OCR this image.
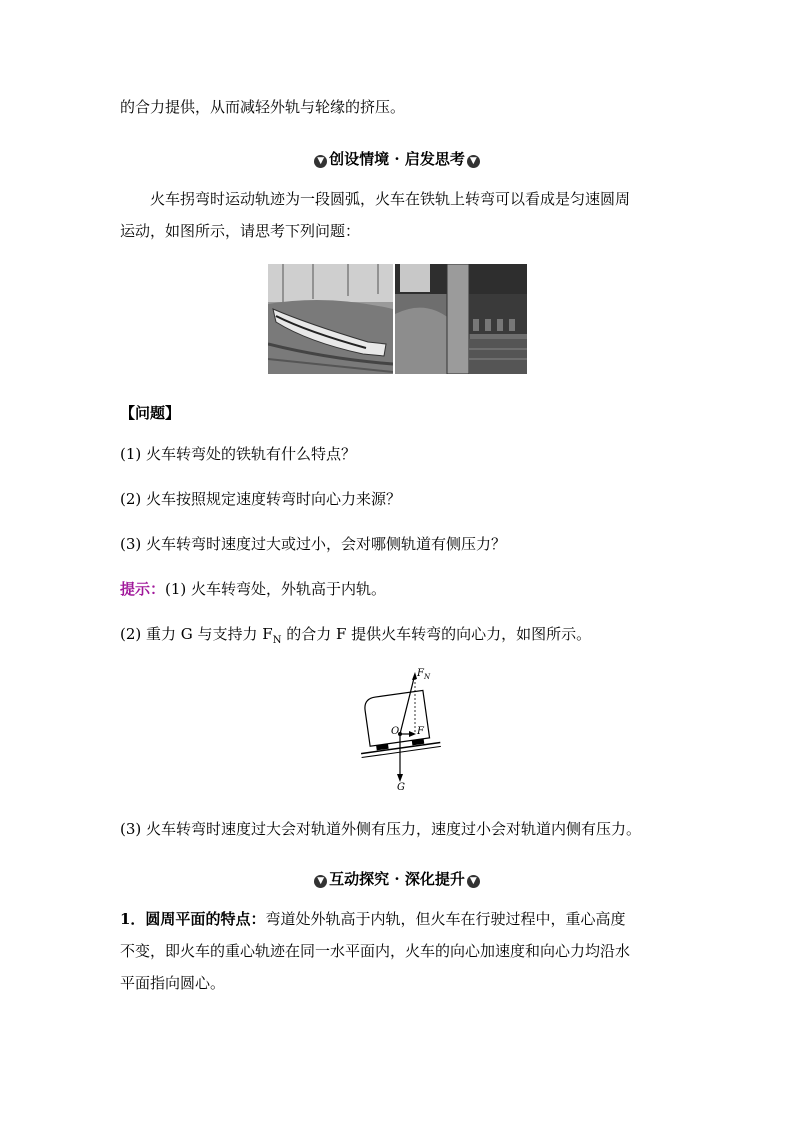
的合力提供，从而减轻外轨与轮缘的挤压。
▼ 创设情境 · 启发思考 ▼
火车拐弯时运动轨迹为一段圆弧，火车在铁轨上转弯可以看成是匀速圆周
运动，如图所示，请思考下列问题：
【问题】
(1) 火车转弯处的铁轨有什么特点？
(2) 火车按照规定速度转弯时向心力来源？
(3) 火车转弯时速度过大或过小，会对哪侧轨道有侧压力？
提示：(1) 火车转弯处，外轨高于内轨。
(2) 重力 G 与支持力 $F_N$ 的合力 F 提供火车转弯的向心力，如图所示。
$F_N$
O F
G
(3) 火车转弯时速度过大会对轨道外侧有压力，速度过小会对轨道内侧有压力。
▼ 互动探究 · 深化提升 ▼
1．圆周平面的特点：弯道处外轨高于内轨，但火车在行驶过程中，重心高度
不变，即火车的重心轨迹在同一水平面内，火车的向心加速度和向心力均沿水
平面指向圆心。
